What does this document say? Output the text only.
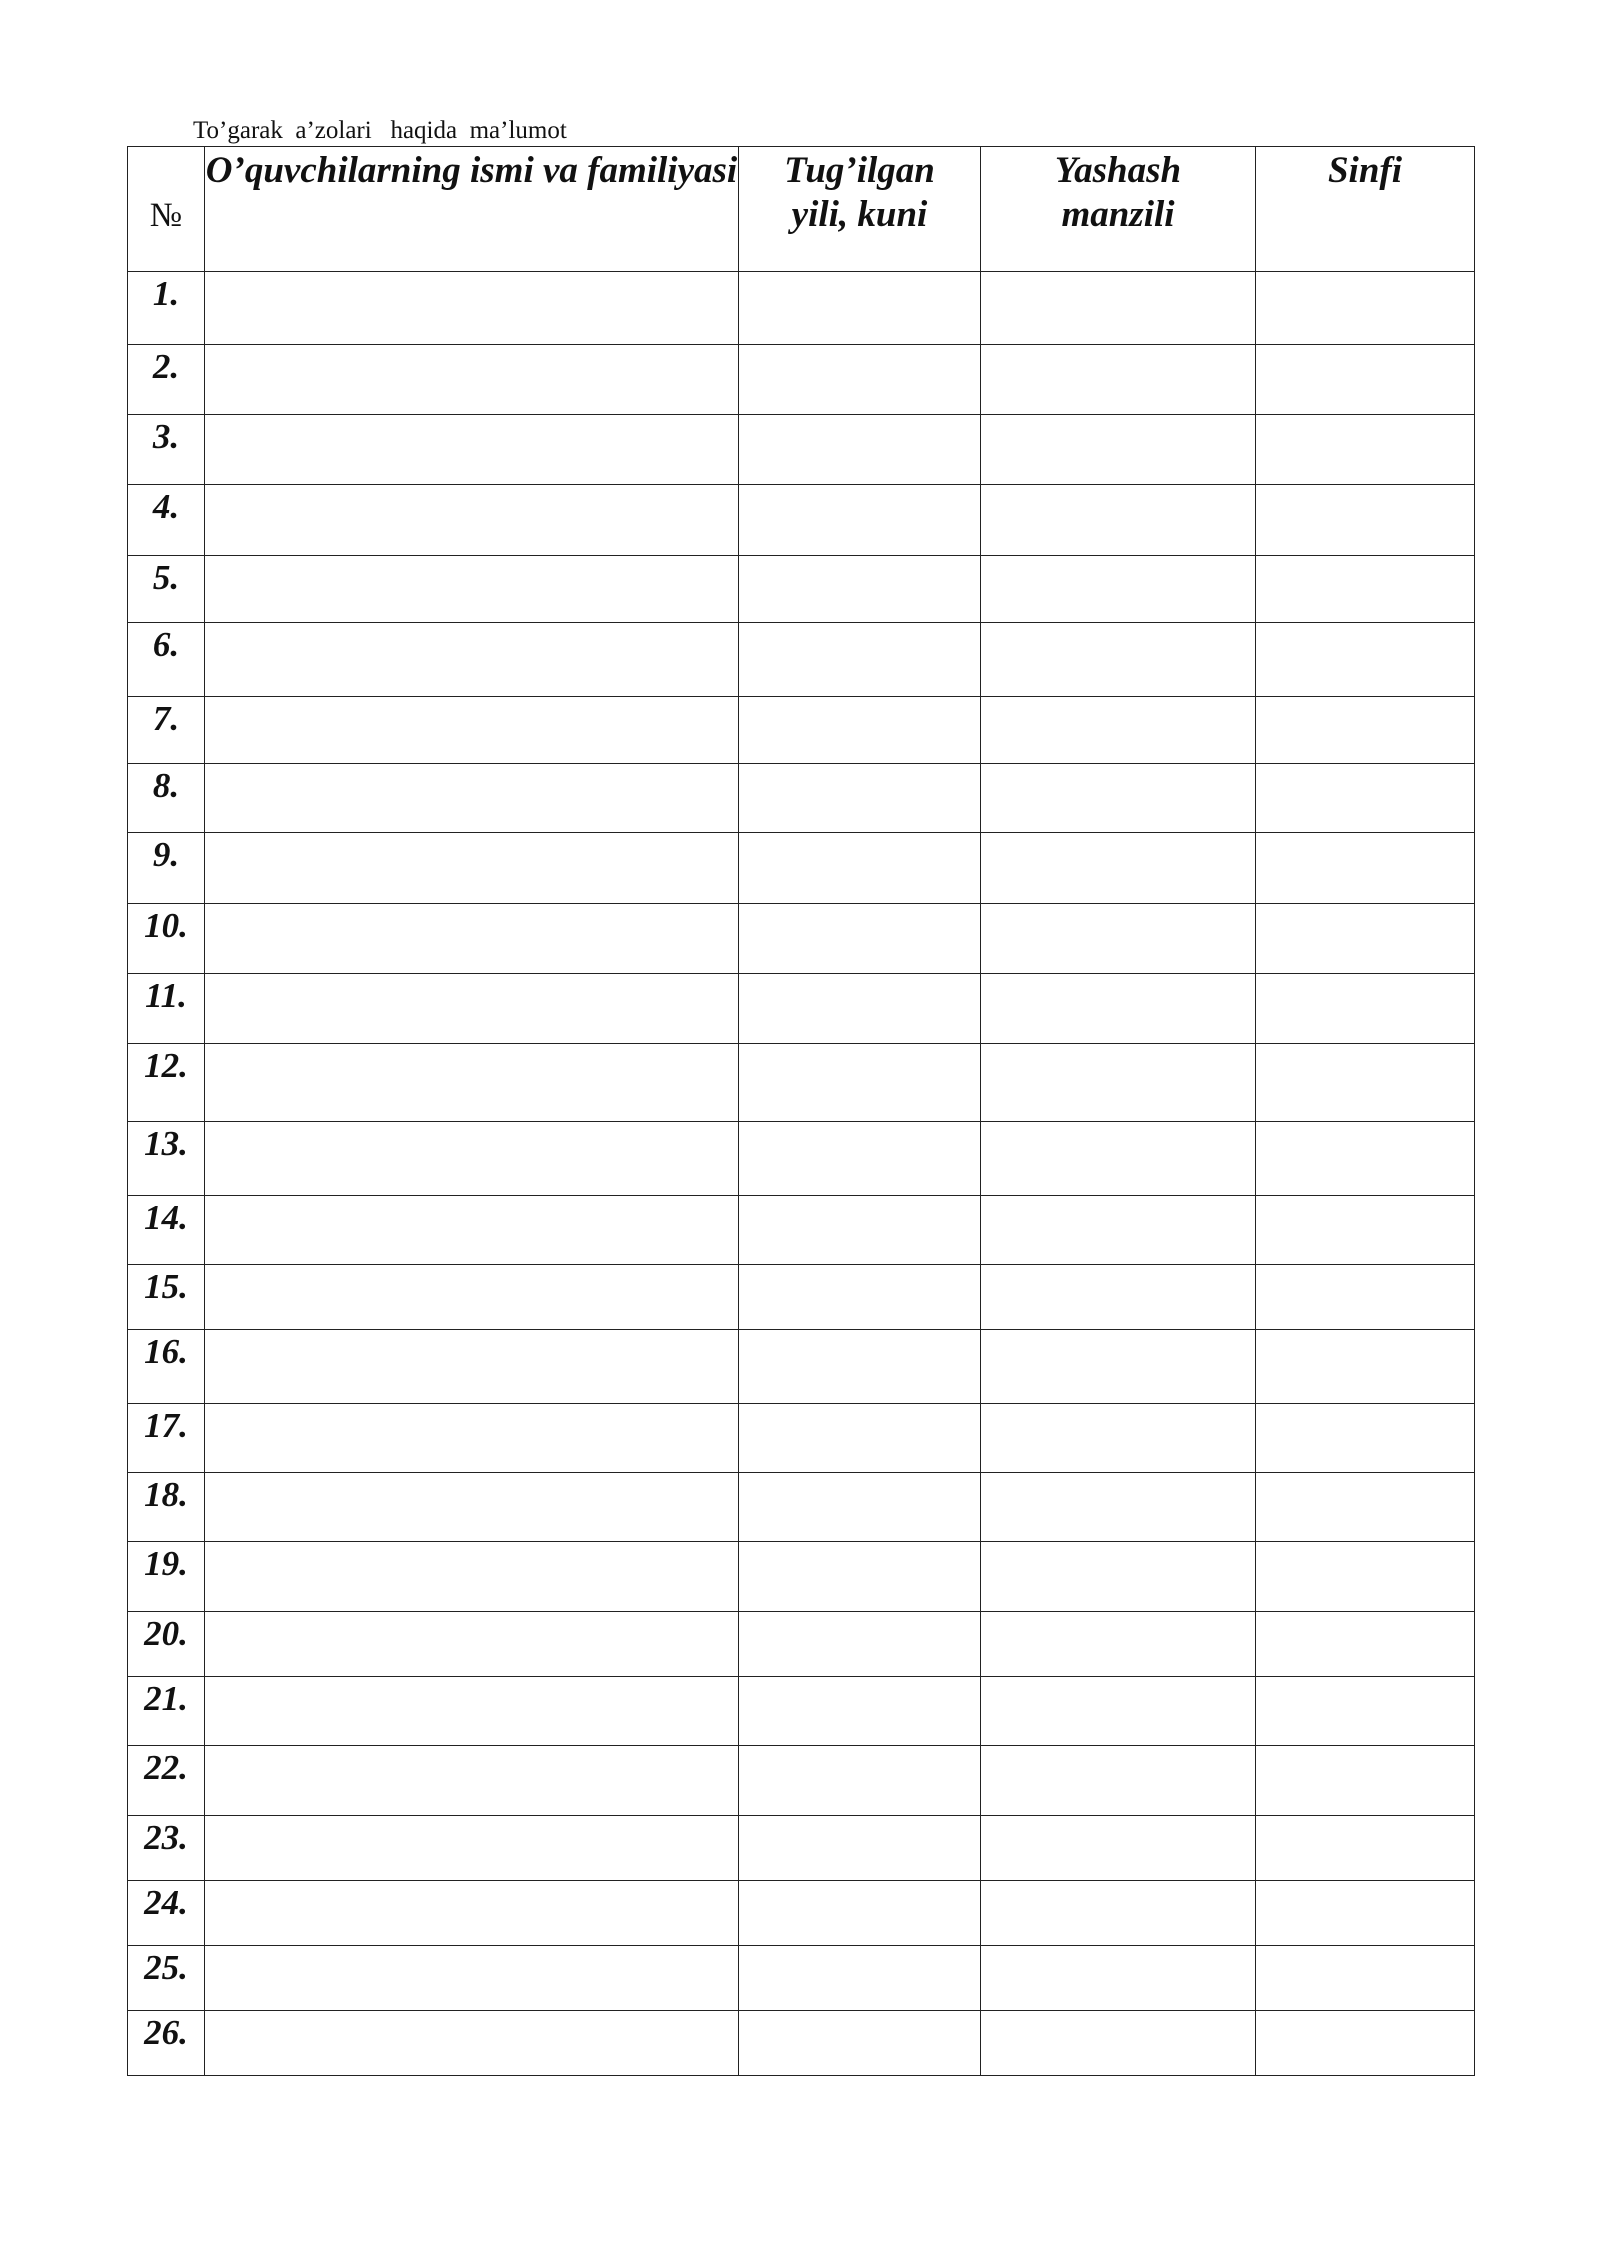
To’garak  a’zolari   haqida  ma’lumot
№	O’quvchilarning ismi va familiyasi	Tug’ilgan yili, kuni	Yashash manzili	Sinfi

1.				
2.				
3.				
4.				
5.				
6.				
7.				
8.				
9.				
10.				
11.				
12.				
13.				
14.				
15.				
16.				
17.				
18.				
19.				
20.				
21.				
22.				
23.				
24.				
25.				
26.				
